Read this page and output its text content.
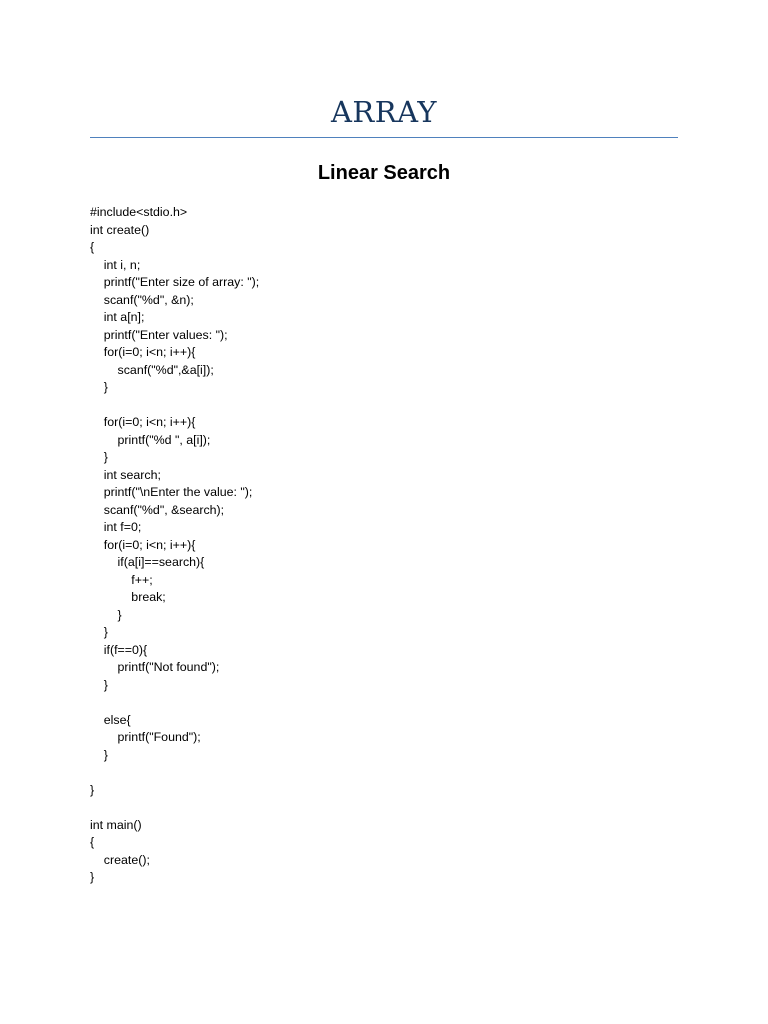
ARRAY
Linear Search
#include<stdio.h>
int create()
{
int i, n;
printf("Enter size of array: ");
scanf("%d", &n);
int a[n];
printf("Enter values: ");
for(i=0; i<n; i++){
scanf("%d",&a[i]);
}
for(i=0; i<n; i++){
printf("%d ", a[i]);
}
int search;
printf("\nEnter the value: ");
scanf("%d", &search);
int f=0;
for(i=0; i<n; i++){
if(a[i]==search){
f++;
break;
}
}
if(f==0){
printf("Not found");
}
else{
printf("Found");
}
}
int main()
{
create();
}
